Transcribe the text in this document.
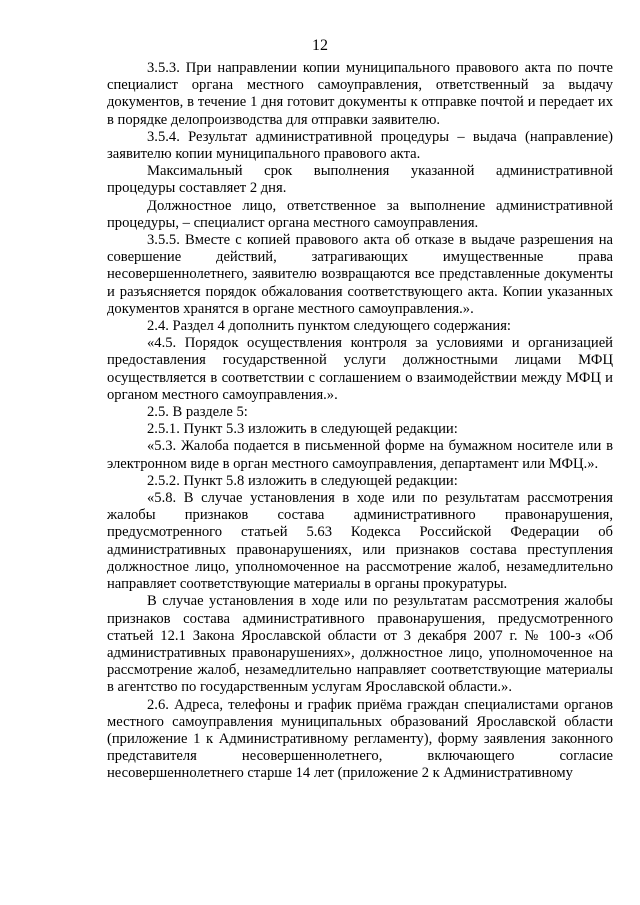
12

3.5.3. При направлении копии муниципального правового акта по почте специалист органа местного самоуправления, ответственный за выдачу документов, в течение 1 дня готовит документы к отправке почтой и передает их в порядке делопроизводства для отправки заявителю.

3.5.4. Результат административной процедуры – выдача (направление) заявителю копии муниципального правового акта.

Максимальный срок выполнения указанной административной процедуры составляет 2 дня.

Должностное лицо, ответственное за выполнение административной процедуры, – специалист органа местного самоуправления.

3.5.5. Вместе с копией правового акта об отказе в выдаче разрешения на совершение действий, затрагивающих имущественные права несовершеннолетнего, заявителю возвращаются все представленные документы и разъясняется порядок обжалования соответствующего акта. Копии указанных документов хранятся в органе местного самоуправления.».

2.4. Раздел 4 дополнить пунктом следующего содержания:

«4.5. Порядок осуществления контроля за условиями и организацией предоставления государственной услуги должностными лицами МФЦ осуществляется в соответствии с соглашением о взаимодействии между МФЦ и органом местного самоуправления.».

2.5. В разделе 5:

2.5.1. Пункт 5.3 изложить в следующей редакции:

«5.3. Жалоба подается в письменной форме на бумажном носителе или в электронном виде в орган местного самоуправления, департамент или МФЦ.».

2.5.2. Пункт 5.8 изложить в следующей редакции:

«5.8. В случае установления в ходе или по результатам рассмотрения жалобы признаков состава административного правонарушения, предусмотренного статьей 5.63 Кодекса Российской Федерации об административных правонарушениях, или признаков состава преступления должностное лицо, уполномоченное на рассмотрение жалоб, незамедлительно направляет соответствующие материалы в органы прокуратуры.

В случае установления в ходе или по результатам рассмотрения жалобы признаков состава административного правонарушения, предусмотренного статьей 12.1 Закона Ярославской области от 3 декабря 2007 г. № 100-з «Об административных правонарушениях», должностное лицо, уполномоченное на рассмотрение жалоб, незамедлительно направляет соответствующие материалы в агентство по государственным услугам Ярославской области.».

2.6. Адреса, телефоны и график приёма граждан специалистами органов местного самоуправления муниципальных образований Ярославской области (приложение 1 к Административному регламенту), форму заявления законного представителя несовершеннолетнего, включающего согласие несовершеннолетнего старше 14 лет (приложение 2 к Административному
